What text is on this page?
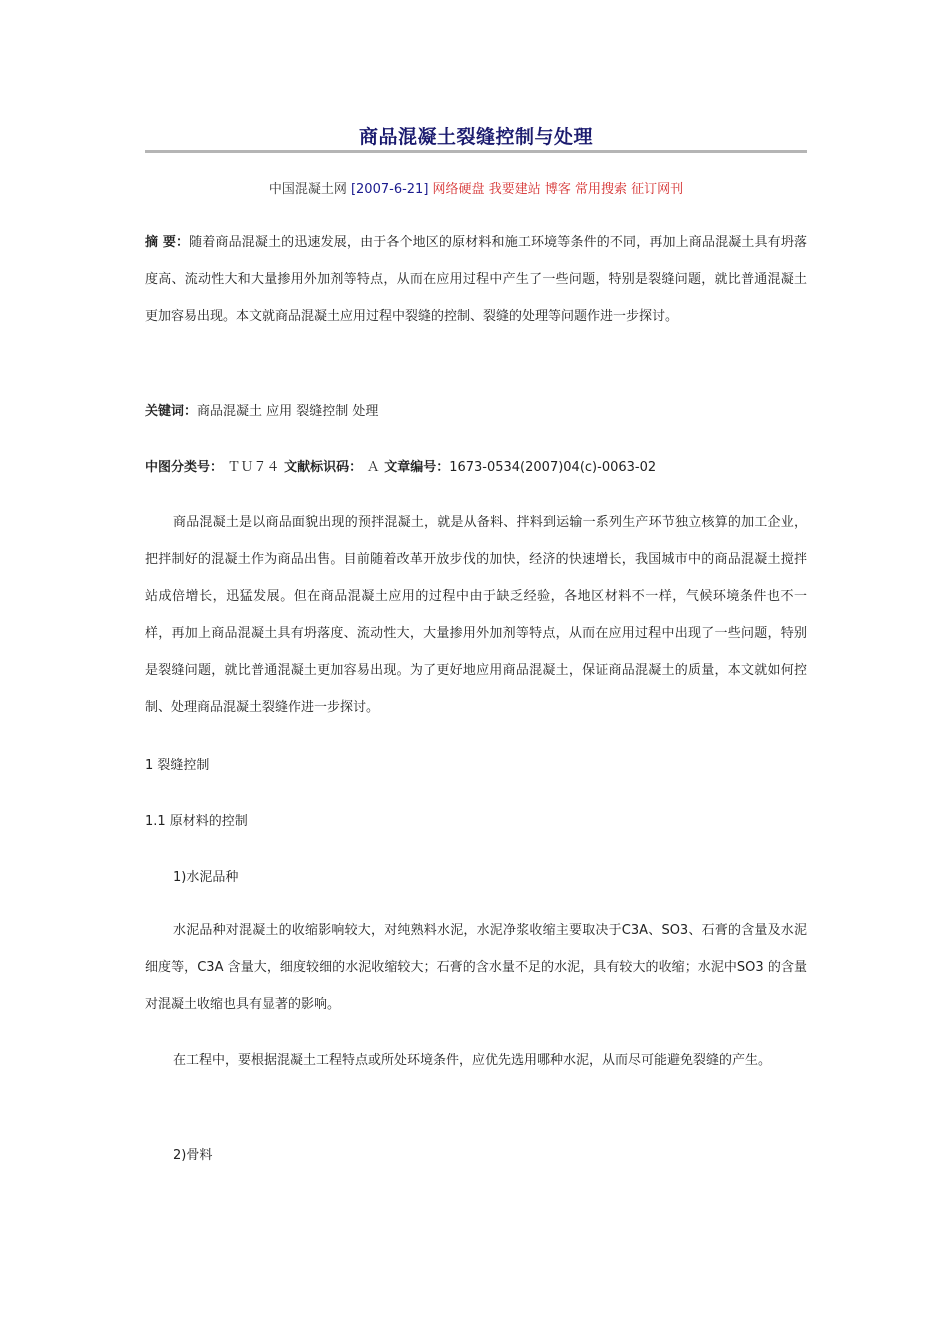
商品混凝土裂缝控制与处理
中国混凝土网 [2007-6-21] 网络硬盘 我要建站 博客 常用搜索 征订网刊
摘 要：随着商品混凝土的迅速发展，由于各个地区的原材料和施工环境等条件的不同，再加上商品混凝土具有坍落度高、流动性大和大量掺用外加剂等特点，从而在应用过程中产生了一些问题，特别是裂缝问题，就比普通混凝土更加容易出现。本文就商品混凝土应用过程中裂缝的控制、裂缝的处理等问题作进一步探讨。
关键词：商品混凝土 应用 裂缝控制 处理
中图分类号： ＴＵ７４ 文献标识码： Ａ 文章编号：1673-0534(2007)04(c)-0063-02
商品混凝土是以商品面貌出现的预拌混凝土，就是从备料、拌料到运输一系列生产环节独立核算的加工企业，把拌制好的混凝土作为商品出售。目前随着改革开放步伐的加快，经济的快速增长，我国城市中的商品混凝土搅拌站成倍增长，迅猛发展。但在商品混凝土应用的过程中由于缺乏经验，各地区材料不一样，气候环境条件也不一样，再加上商品混凝土具有坍落度、流动性大，大量掺用外加剂等特点，从而在应用过程中出现了一些问题，特别是裂缝问题，就比普通混凝土更加容易出现。为了更好地应用商品混凝土，保证商品混凝土的质量，本文就如何控制、处理商品混凝土裂缝作进一步探讨。
1 裂缝控制
1.1 原材料的控制
1)水泥品种
水泥品种对混凝土的收缩影响较大，对纯熟料水泥，水泥净浆收缩主要取决于C3A、SO3、石膏的含量及水泥细度等，C3A 含量大，细度较细的水泥收缩较大；石膏的含水量不足的水泥，具有较大的收缩；水泥中SO3 的含量对混凝土收缩也具有显著的影响。
在工程中，要根据混凝土工程特点或所处环境条件，应优先选用哪种水泥，从而尽可能避免裂缝的产生。
2)骨料
